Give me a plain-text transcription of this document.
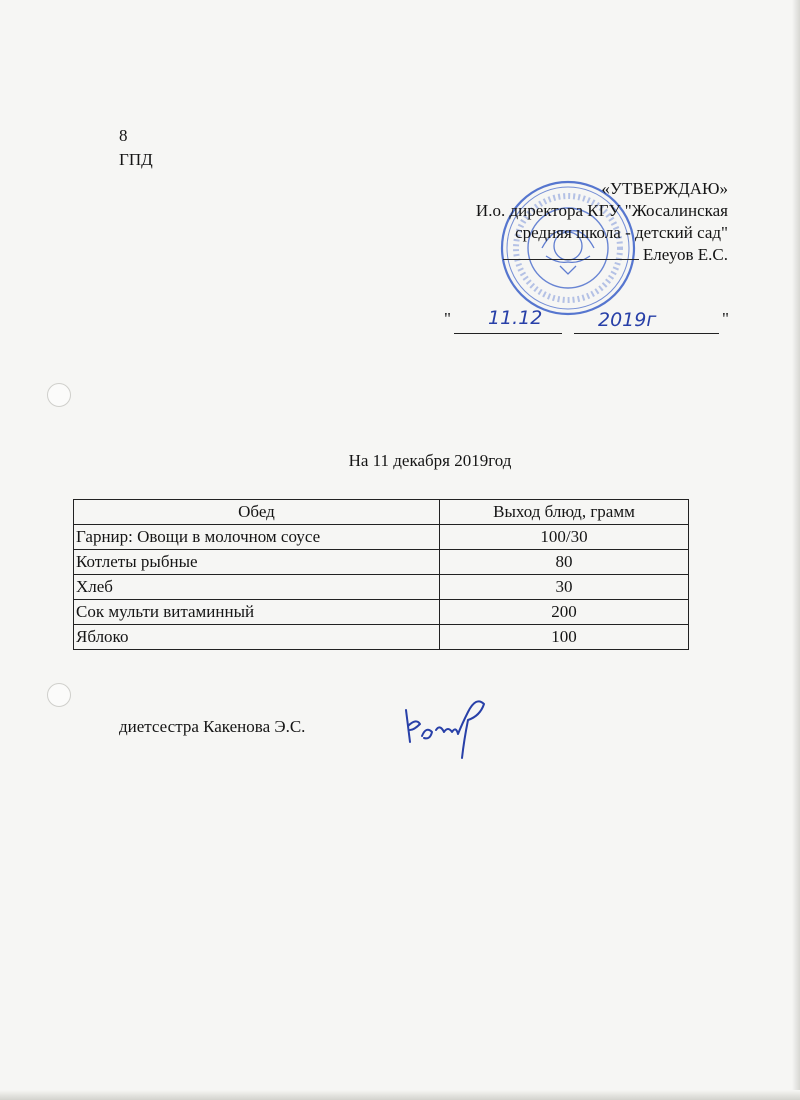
8
ГПД
«УТВЕРЖДАЮ»
И.о. директора КГУ "Жосалинская
средняя школа - детский сад"
Елеуов Е.С.
" 11.12	2019г	"
На 11 декабря 2019год
Обед	Выход блюд, грамм
Гарнир: Овощи в молочном соусе	100/30
Котлеты рыбные	80
Хлеб	30
Сок мульти витаминный	200
Яблоко	100
диетсестра Какенова Э.С.
